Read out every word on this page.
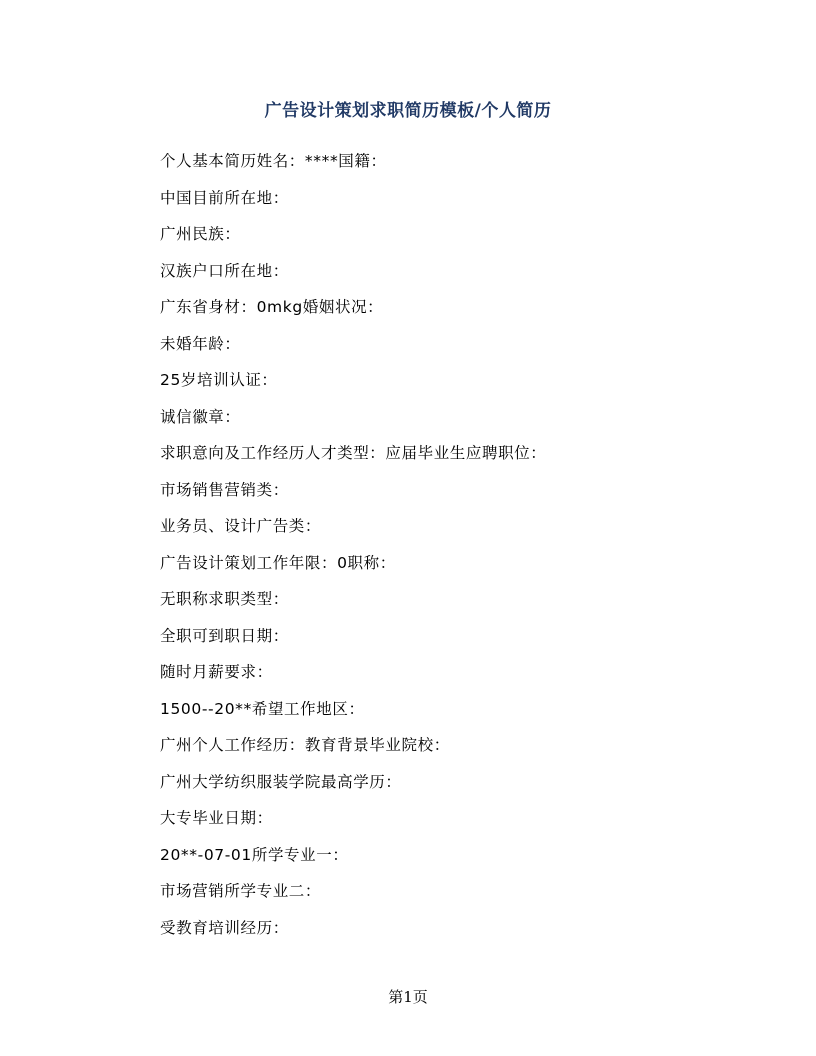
广告设计策划求职简历模板/个人简历
个人基本简历姓名：****国籍：
中国目前所在地：
广州民族：
汉族户口所在地：
广东省身材：0mkg婚姻状况：
未婚年龄：
25岁培训认证：
诚信徽章：
求职意向及工作经历人才类型：应届毕业生应聘职位：
市场销售营销类：
业务员、设计广告类：
广告设计策划工作年限：0职称：
无职称求职类型：
全职可到职日期：
随时月薪要求：
1500--20**希望工作地区：
广州个人工作经历：教育背景毕业院校：
广州大学纺织服装学院最高学历：
大专毕业日期：
20**-07-01所学专业一：
市场营销所学专业二：
受教育培训经历：
第1页
